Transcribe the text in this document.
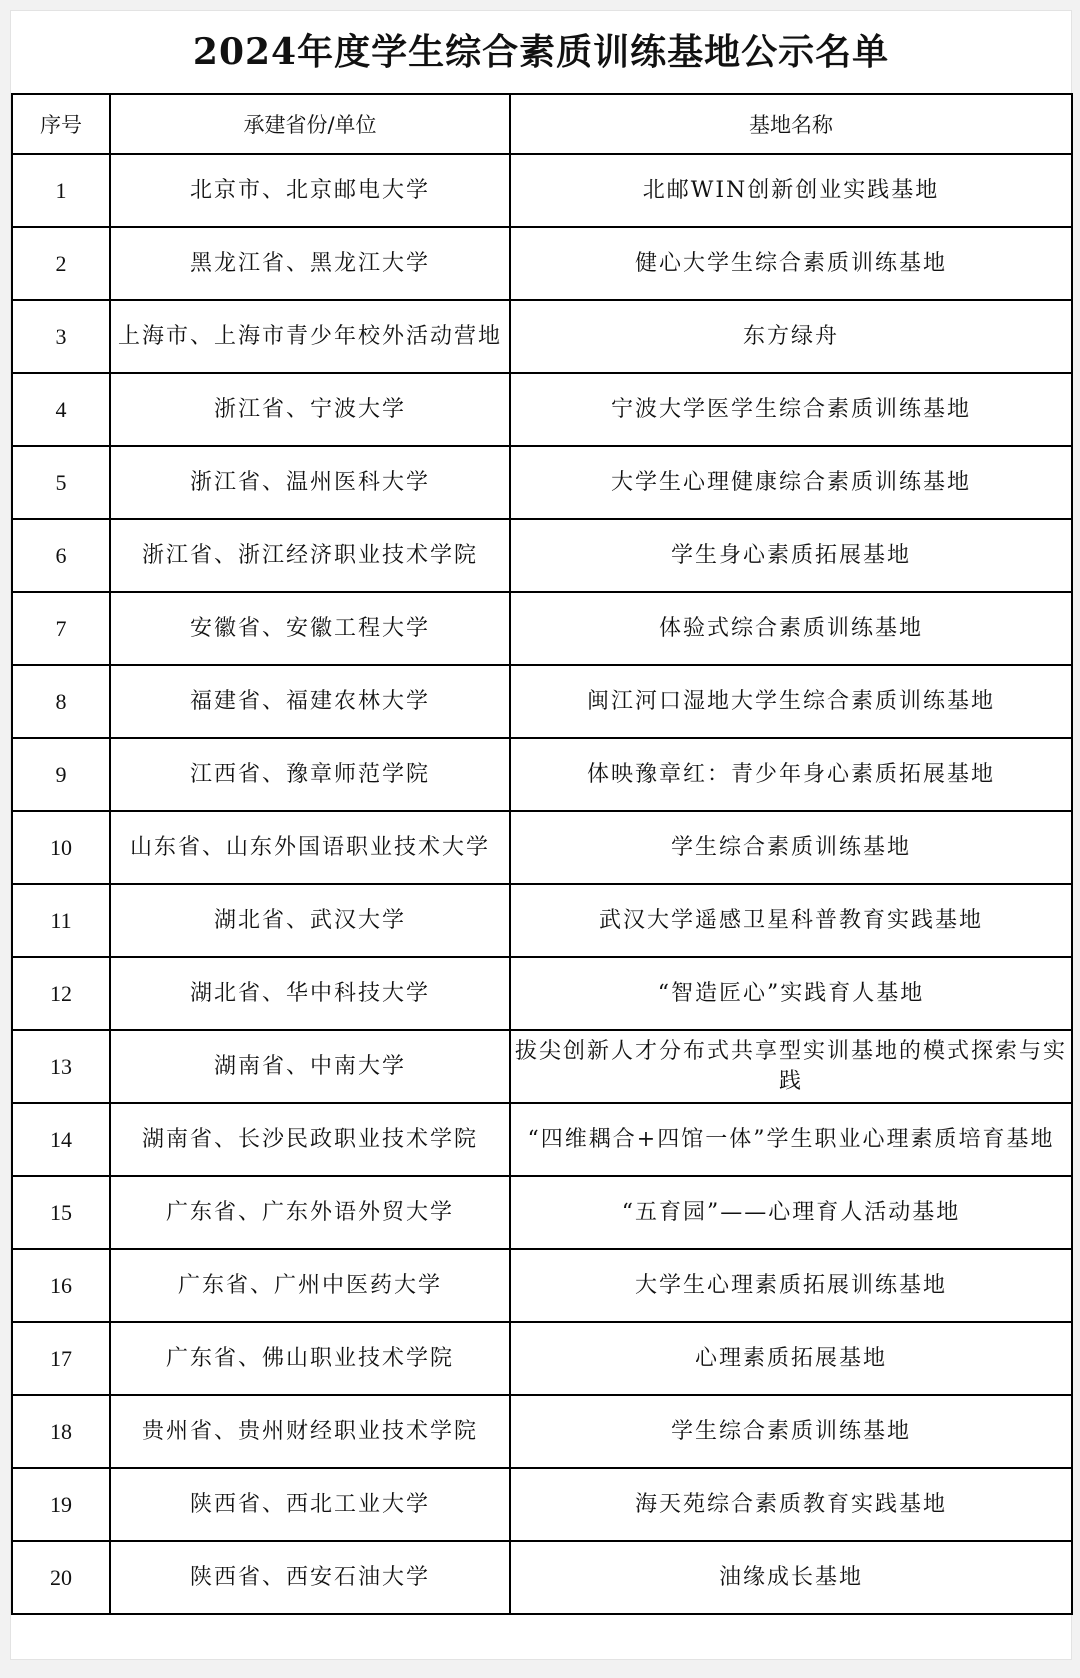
2024年度学生综合素质训练基地公示名单
序号	承建省份/单位	基地名称
1	北京市、北京邮电大学	北邮WIN创新创业实践基地
2	黑龙江省、黑龙江大学	健心大学生综合素质训练基地
3	上海市、上海市青少年校外活动营地	东方绿舟
4	浙江省、宁波大学	宁波大学医学生综合素质训练基地
5	浙江省、温州医科大学	大学生心理健康综合素质训练基地
6	浙江省、浙江经济职业技术学院	学生身心素质拓展基地
7	安徽省、安徽工程大学	体验式综合素质训练基地
8	福建省、福建农林大学	闽江河口湿地大学生综合素质训练基地
9	江西省、豫章师范学院	体映豫章红：青少年身心素质拓展基地
10	山东省、山东外国语职业技术大学	学生综合素质训练基地
11	湖北省、武汉大学	武汉大学遥感卫星科普教育实践基地
12	湖北省、华中科技大学	“智造匠心”实践育人基地
13	湖南省、中南大学	拔尖创新人才分布式共享型实训基地的模式探索与实践
14	湖南省、长沙民政职业技术学院	“四维耦合+四馆一体”学生职业心理素质培育基地
15	广东省、广东外语外贸大学	“五育园”——心理育人活动基地
16	广东省、广州中医药大学	大学生心理素质拓展训练基地
17	广东省、佛山职业技术学院	心理素质拓展基地
18	贵州省、贵州财经职业技术学院	学生综合素质训练基地
19	陕西省、西北工业大学	海天苑综合素质教育实践基地
20	陕西省、西安石油大学	油缘成长基地
